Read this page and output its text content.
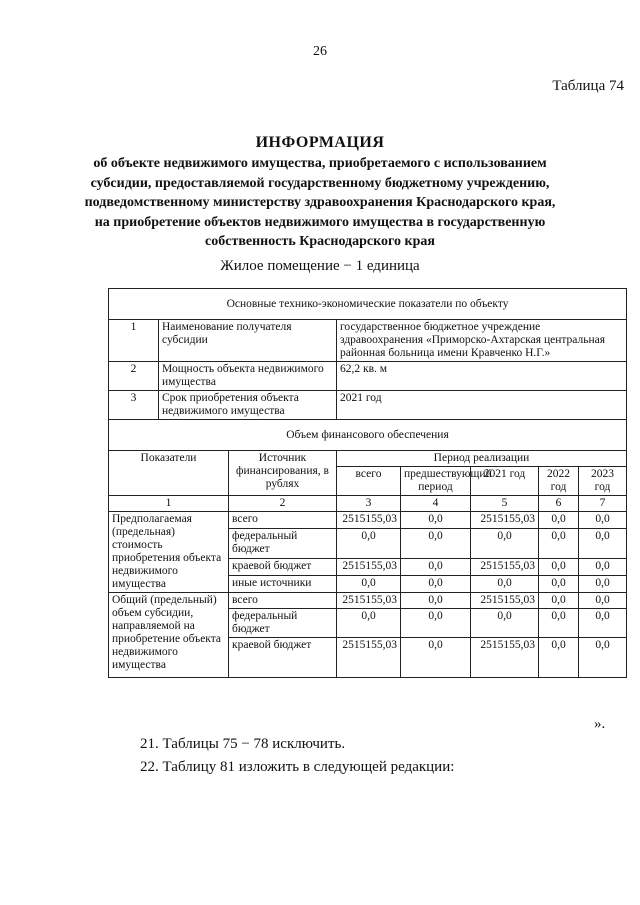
26
Таблица 74
ИНФОРМАЦИЯ
об объекте недвижимого имущества, приобретаемого с использованием
субсидии, предоставляемой государственному бюджетному учреждению,
подведомственному министерству здравоохранения Краснодарского края,
на приобретение объектов недвижимого имущества в государственную
собственность Краснодарского края
Жилое помещение − 1 единица
Основные технико-экономические показатели по объекту							
1	Наименование получателя субсидии		государственное бюджетное учреждение здравоохранения «Приморско-Ахтарская центральная районная больница имени Кравченко Н.Г.»				
2	Мощность объекта недвижимого имущества		62,2 кв. м				
3	Срок приобретения объекта недвижимого имущества		2021 год				
Объем финансового обеспечения							
Показатели		Источник финансирования, в рублях	Период реализации				
			всего	предшествующий период	2021 год	2022 год	2023 год
1		2	3	4	5	6	7
Предполагаемая (предельная) стоимость приобретения объекта недвижимого имущества		всего	2515155,03	0,0	2515155,03	0,0	0,0
		федеральный бюджет	0,0	0,0	0,0	0,0	0,0
		краевой бюджет	2515155,03	0,0	2515155,03	0,0	0,0
		иные источники	0,0	0,0	0,0	0,0	0,0
Общий (предельный) объем субсидии, направляемой на приобретение объекта недвижимого имущества		всего	2515155,03	0,0	2515155,03	0,0	0,0
		федеральный бюджет	0,0	0,0	0,0	0,0	0,0
		краевой бюджет	2515155,03	0,0	2515155,03	0,0	0,0
».
21. Таблицы 75 − 78 исключить.
22. Таблицу 81 изложить в следующей редакции:
